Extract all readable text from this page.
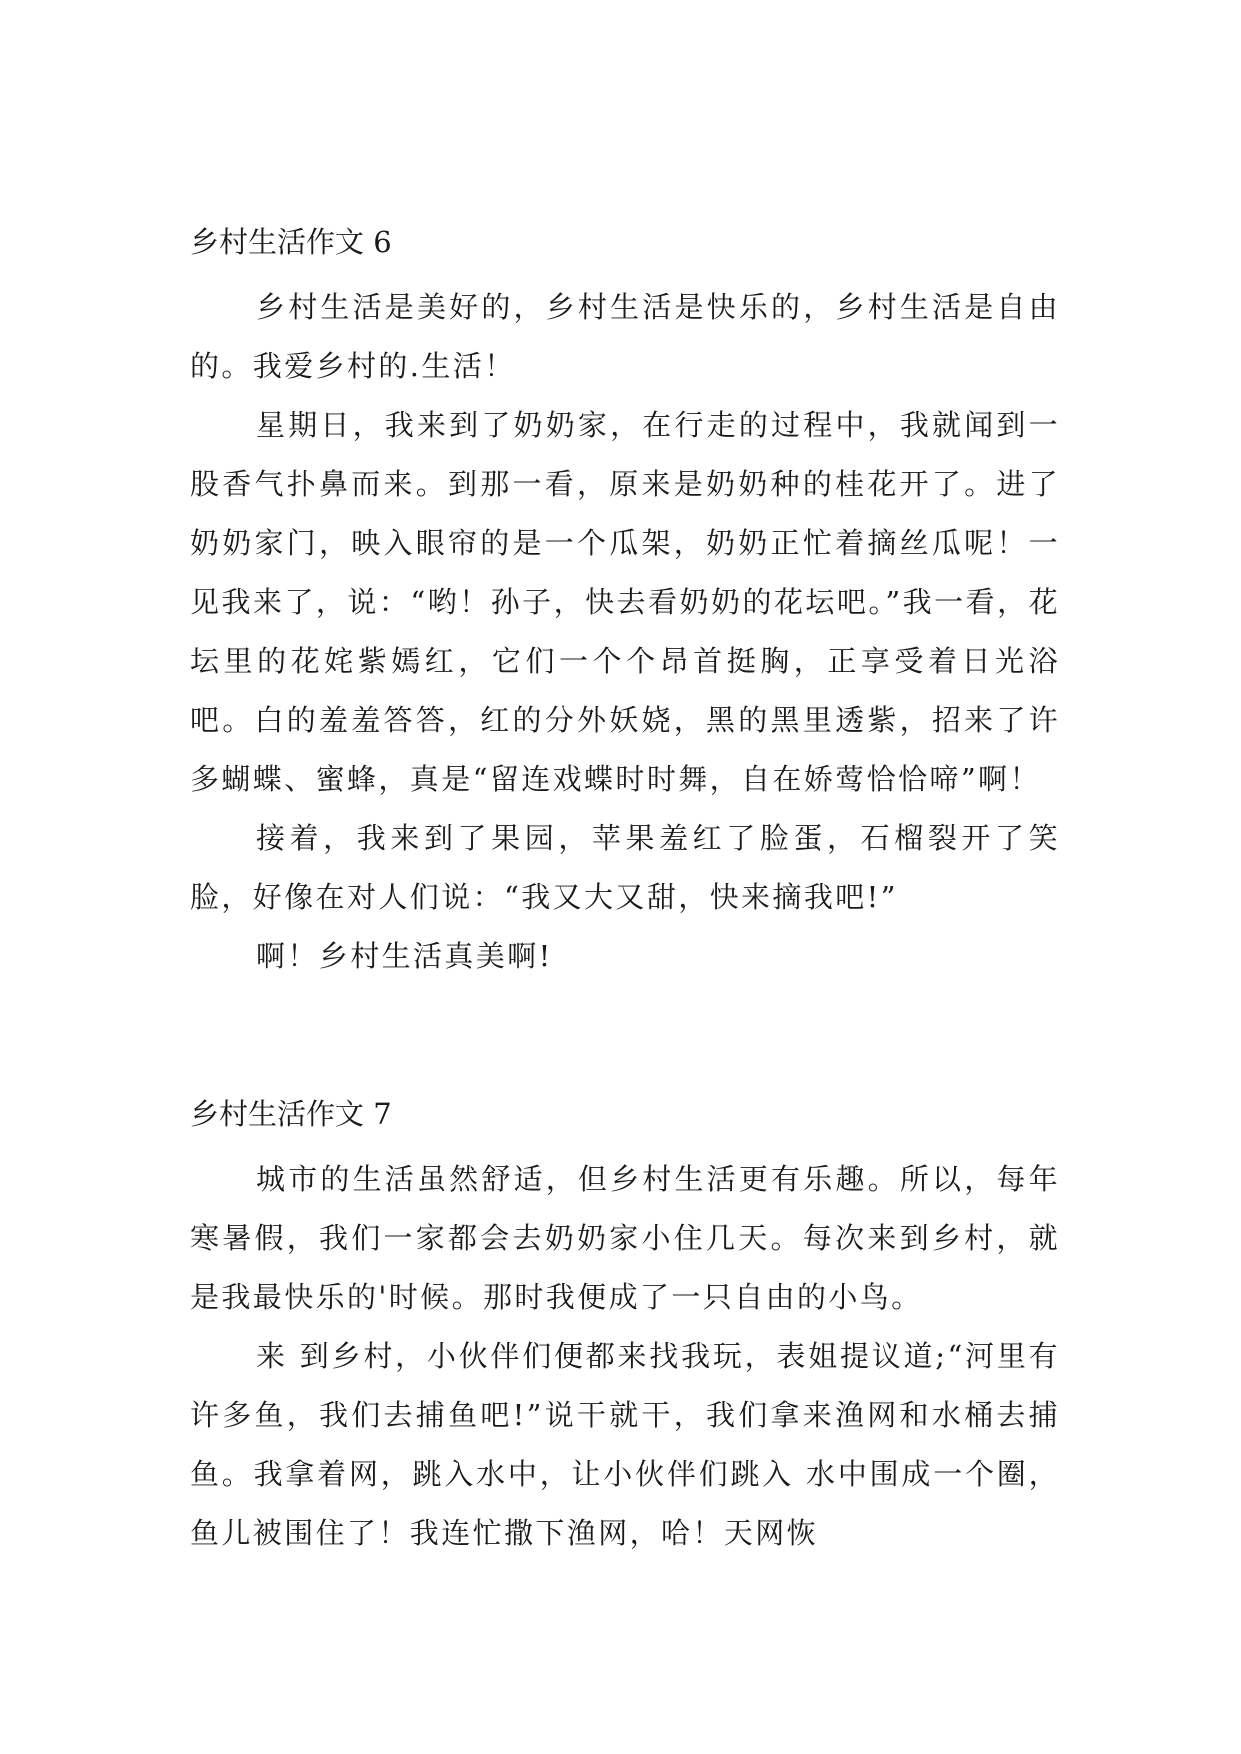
乡村生活作文 6

乡村生活是美好的，乡村生活是快乐的，乡村生活是自由的。我爱乡村的.生活！

星期日，我来到了奶奶家，在行走的过程中，我就闻到一股香气扑鼻而来。到那一看，原来是奶奶种的桂花开了。进了奶奶家门，映入眼帘的是一个瓜架，奶奶正忙着摘丝瓜呢！一见我来了，说：“哟！孙子，快去看奶奶的花坛吧。”我一看，花坛里的花姹紫嫣红，它们一个个昂首挺胸，正享受着日光浴吧。白的羞羞答答，红的分外妖娆，黑的黑里透紫，招来了许多蝴蝶、蜜蜂，真是“留连戏蝶时时舞，自在娇莺恰恰啼”啊！

接着，我来到了果园，苹果羞红了脸蛋，石榴裂开了笑脸，好像在对人们说：“我又大又甜，快来摘我吧!”

啊！乡村生活真美啊!

乡村生活作文 7

城市的生活虽然舒适，但乡村生活更有乐趣。所以，每年寒暑假，我们一家都会去奶奶家小住几天。每次来到乡村，就是我最快乐的'时候。那时我便成了一只自由的小鸟。

来 到乡村，小伙伴们便都来找我玩，表姐提议道;“河里有许多鱼，我们去捕鱼吧!”说干就干，我们拿来渔网和水桶去捕鱼。我拿着网，跳入水中，让小伙伴们跳入 水中围成一个圈，鱼儿被围住了！我连忙撒下渔网，哈！天网恢
